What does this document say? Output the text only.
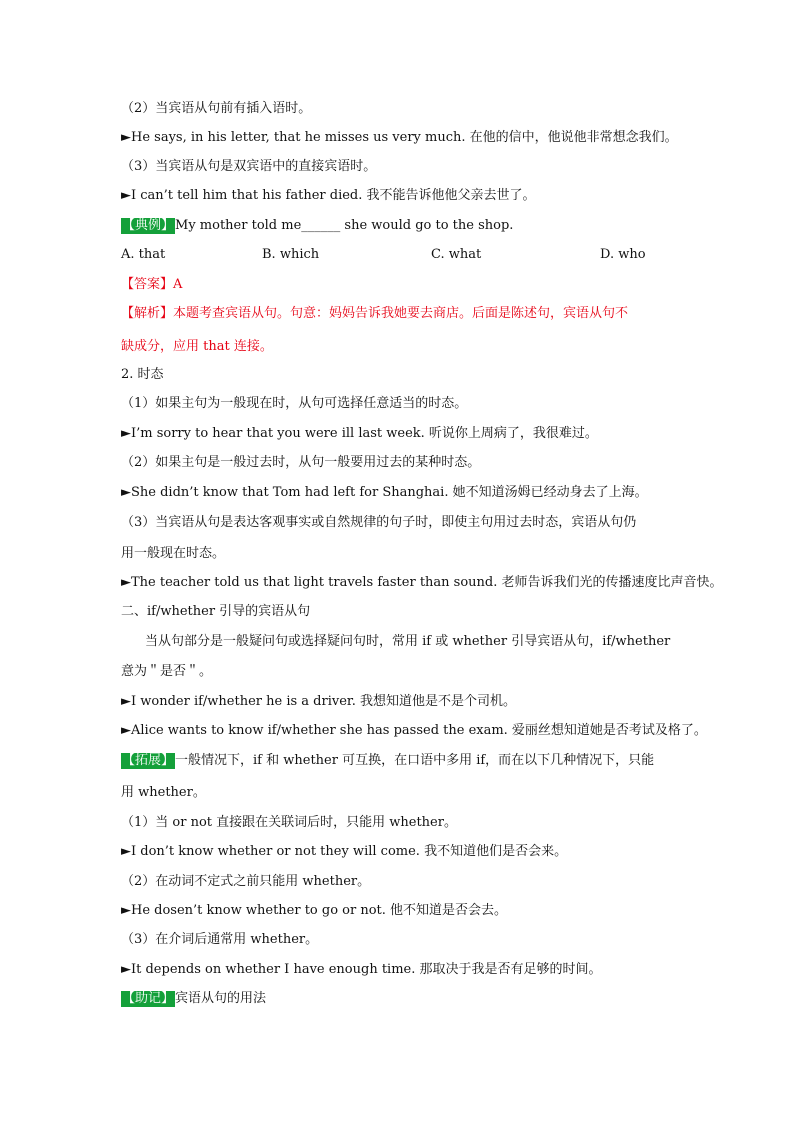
（2）当宾语从句前有插入语时。
►He says, in his letter, that he misses us very much. 在他的信中，他说他非常想念我们。
（3）当宾语从句是双宾语中的直接宾语时。
►I can’t tell him that his father died. 我不能告诉他他父亲去世了。
【典例】My mother told me______ she would go to the shop.
A. that	B. which	C. what	D. who
【答案】A
【解析】本题考查宾语从句。句意：妈妈告诉我她要去商店。后面是陈述句，宾语从句不
缺成分，应用 that 连接。
2. 时态
（1）如果主句为一般现在时，从句可选择任意适当的时态。
►I’m sorry to hear that you were ill last week. 听说你上周病了，我很难过。
（2）如果主句是一般过去时，从句一般要用过去的某种时态。
►She didn’t know that Tom had left for Shanghai. 她不知道汤姆已经动身去了上海。
（3）当宾语从句是表达客观事实或自然规律的句子时，即使主句用过去时态，宾语从句仍
用一般现在时态。
►The teacher told us that light travels faster than sound. 老师告诉我们光的传播速度比声音快。
二、if/whether 引导的宾语从句
当从句部分是一般疑问句或选择疑问句时，常用 if 或 whether 引导宾语从句，if/whether
意为＂是否＂。
►I wonder if/whether he is a driver. 我想知道他是不是个司机。
►Alice wants to know if/whether she has passed the exam. 爱丽丝想知道她是否考试及格了。
【拓展】一般情况下，if 和 whether 可互换，在口语中多用 if，而在以下几种情况下，只能
用 whether。
（1）当 or not 直接跟在关联词后时，只能用 whether。
►I don’t know whether or not they will come. 我不知道他们是否会来。
（2）在动词不定式之前只能用 whether。
►He dosen’t know whether to go or not. 他不知道是否会去。
（3）在介词后通常用 whether。
►It depends on whether I have enough time. 那取决于我是否有足够的时间。
【助记】宾语从句的用法
